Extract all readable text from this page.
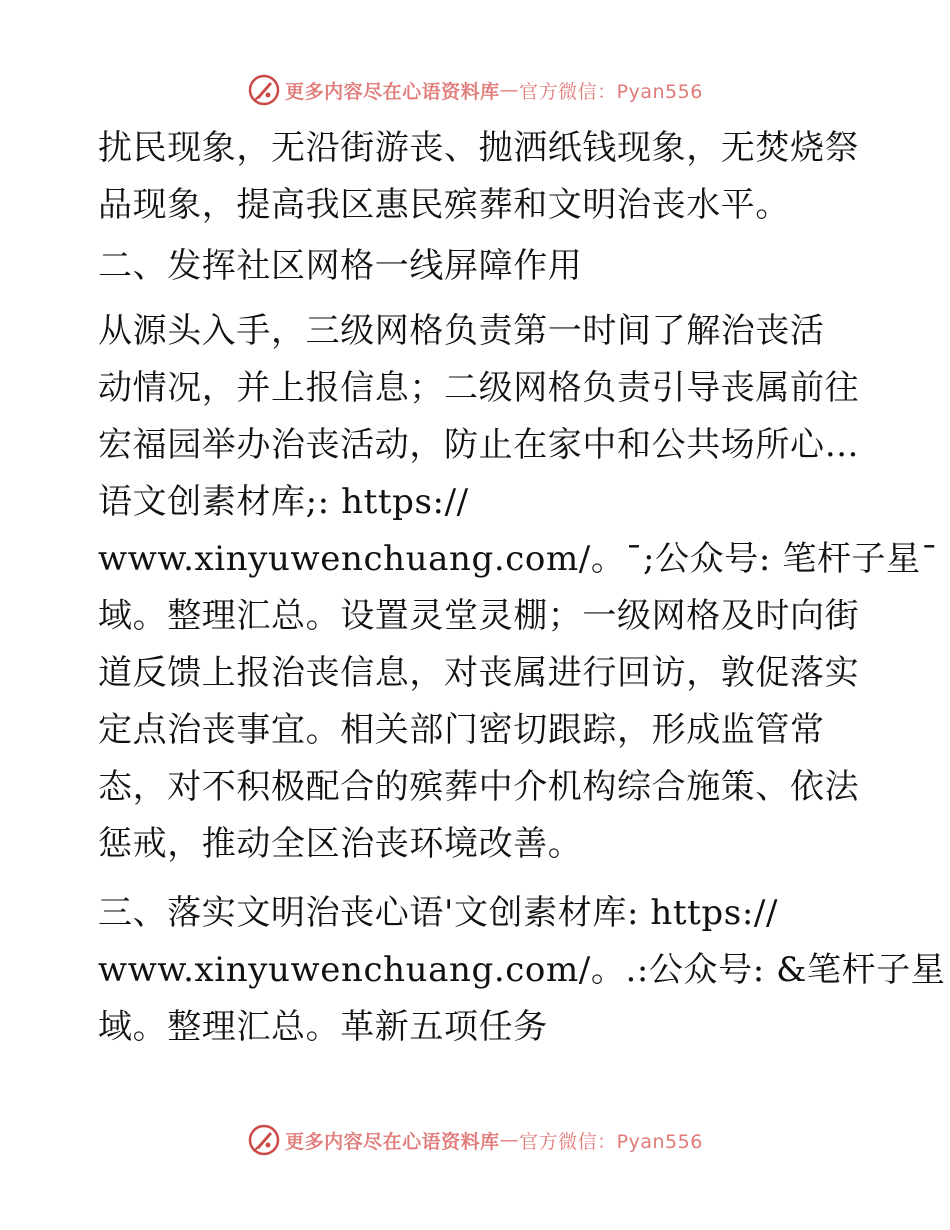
更多内容尽在心语资料库 — 官方微信：Pyan556
扰民现象，无沿街游丧、抛洒纸钱现象，无焚烧祭
品现象，提高我区惠民殡葬和文明治丧水平。
二、发挥社区网格一线屏障作用
从源头入手，三级网格负责第一时间了解治丧活
动情况，并上报信息；二级网格负责引导丧属前往
宏福园举办治丧活动，防止在家中和公共场所心…
语文创素材库;: https://
www.xinyuwenchuang.com/。¯;公众号: 笔杆子星¯
域。整理汇总。设置灵堂灵棚；一级网格及时向街
道反馈上报治丧信息，对丧属进行回访，敦促落实
定点治丧事宜。相关部门密切跟踪，形成监管常
态，对不积极配合的殡葬中介机构综合施策、依法
惩戒，推动全区治丧环境改善。
三、落实文明治丧心语'文创素材库: https://
www.xinyuwenchuang.com/。.:公众号: &笔杆子星
域。整理汇总。革新五项任务
更多内容尽在心语资料库 — 官方微信：Pyan556
